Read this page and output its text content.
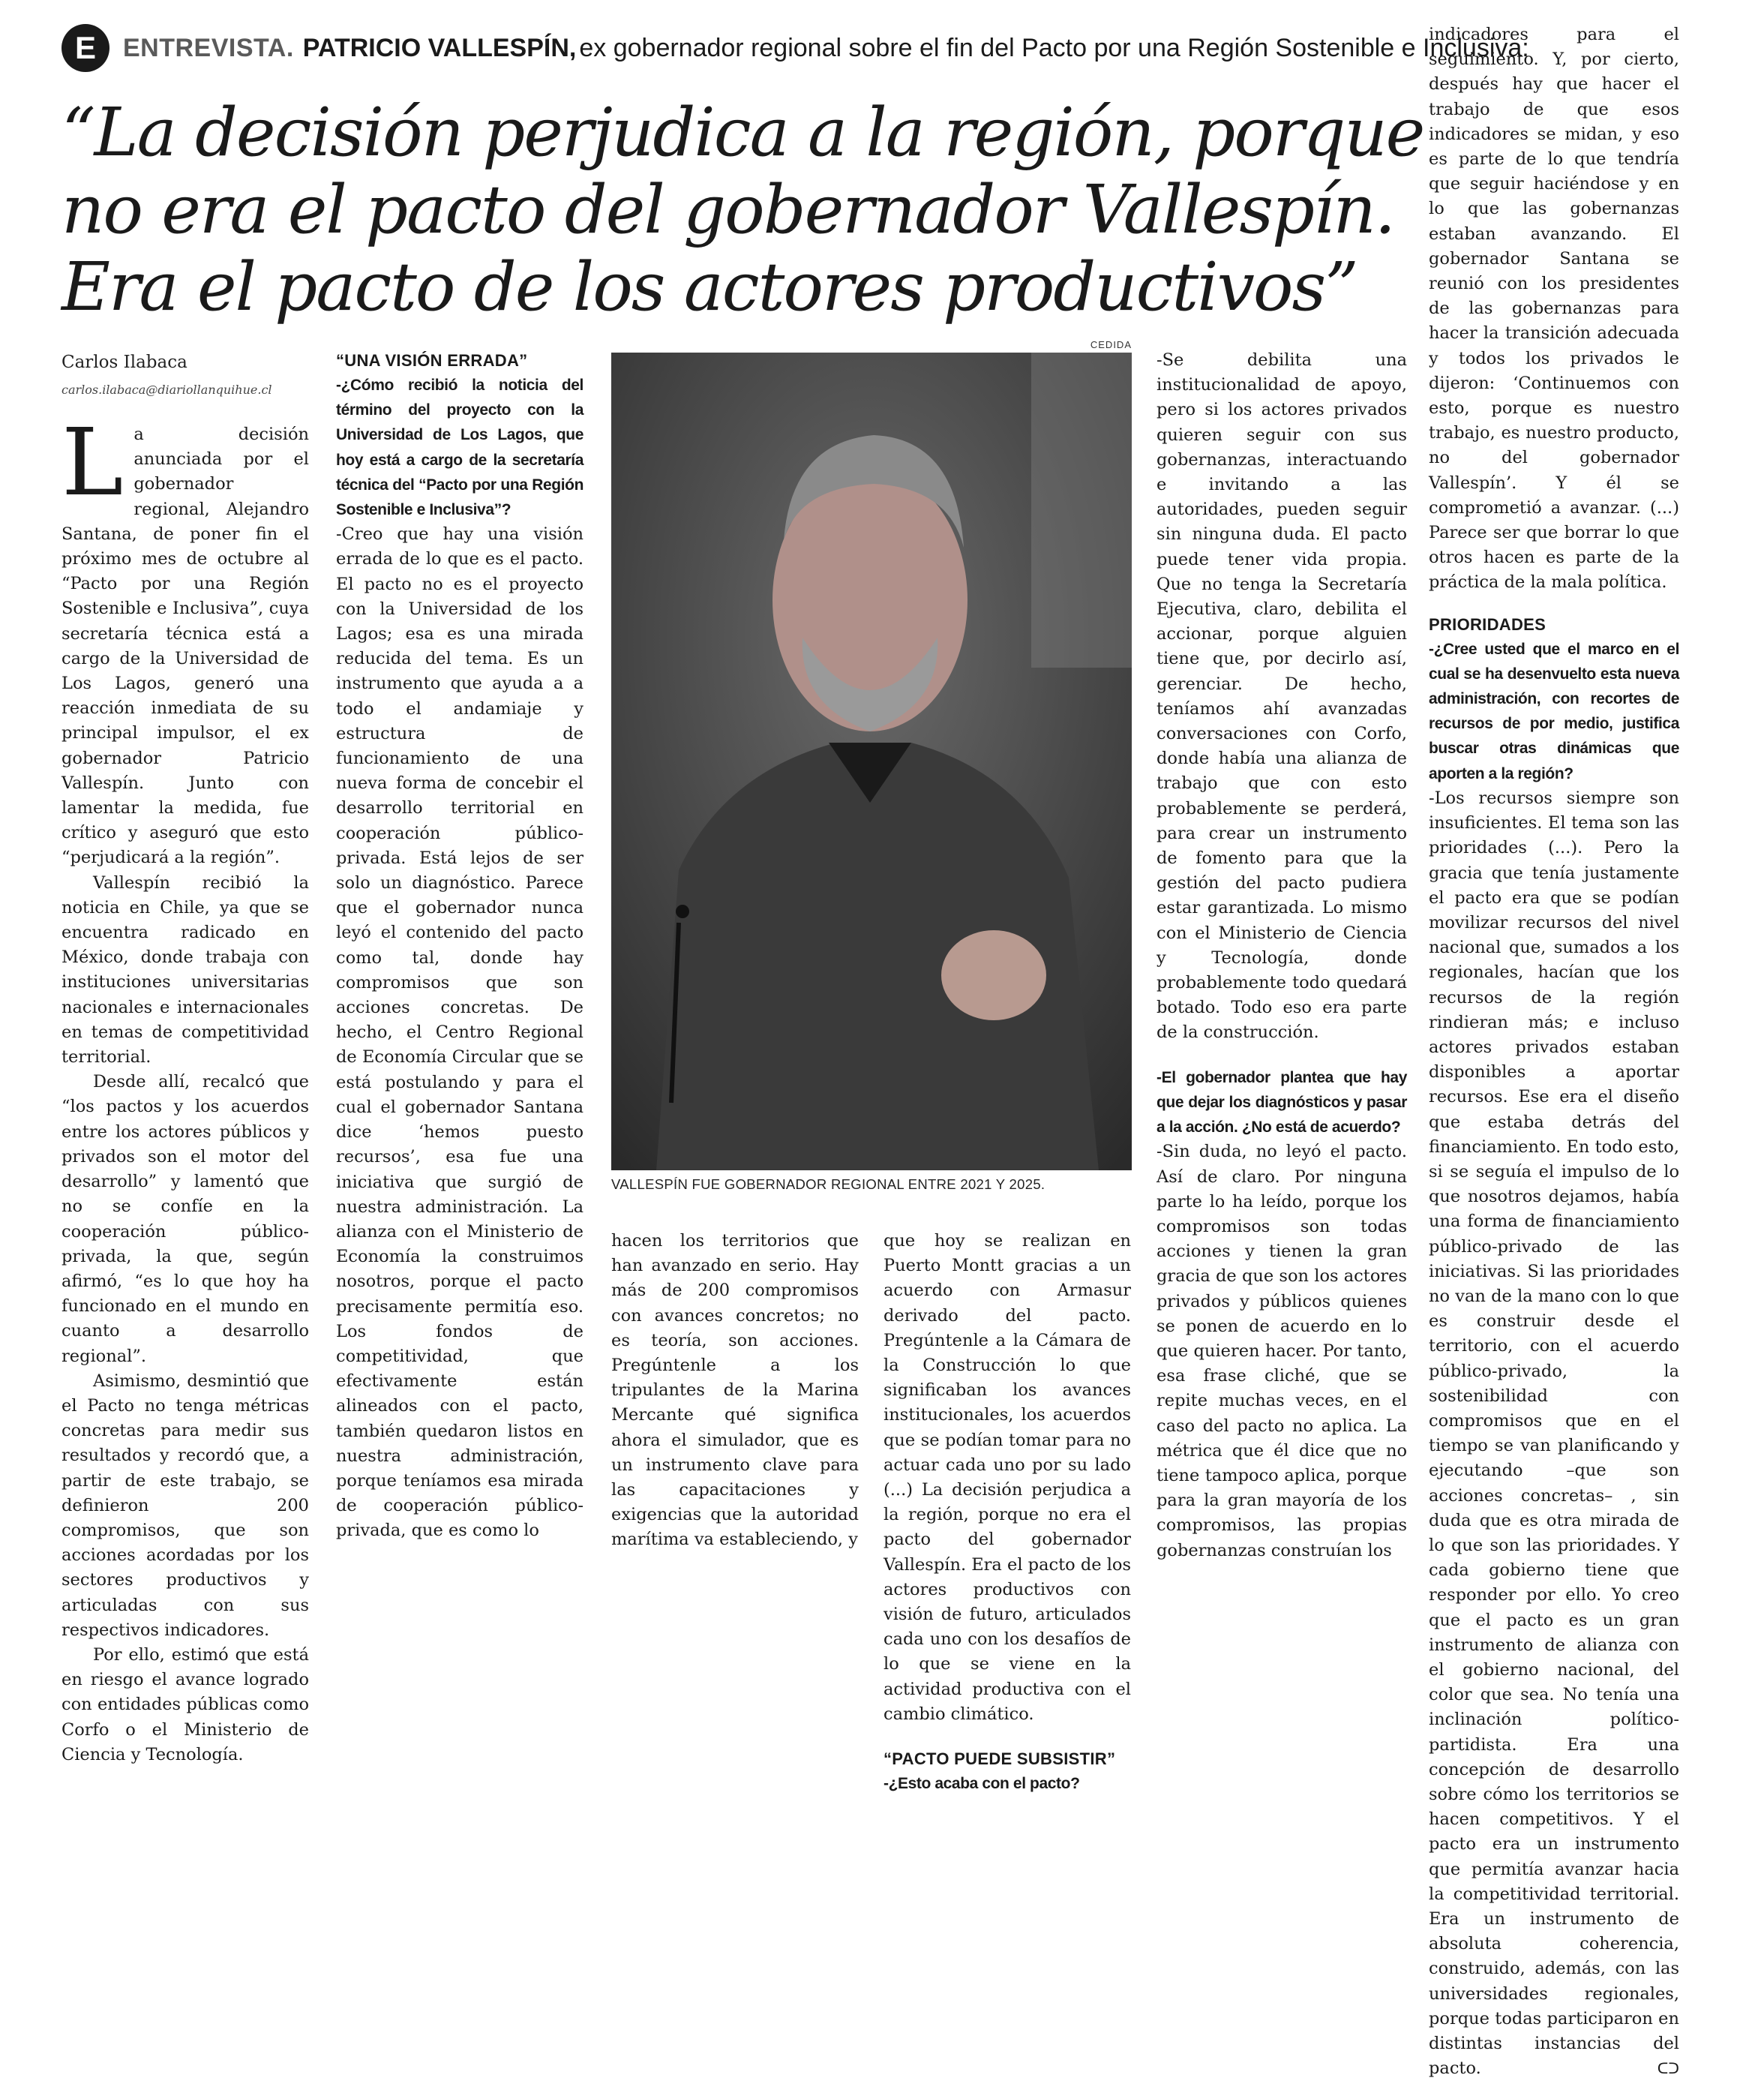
E	ENTREVISTA. PATRICIO VALLESPÍN, ex gobernador regional sobre el fin del Pacto por una Región Sostenible e Inclusiva:
“La decisión perjudica a la región, porque
no era el pacto del gobernador Vallespín.
Era el pacto de los actores productivos”

Carlos Ilabaca

carlos.ilabaca@diariollanquihue.cl

La decisión anunciada por el gobernador regional, Alejandro Santana, de poner fin el próximo mes de octubre al “Pacto por una Región Sostenible e Inclusiva”, cuya secretaría técnica está a cargo de la Universidad de Los Lagos, generó una reacción inmediata de su principal impulsor, el ex gobernador Patricio Vallespín. Junto con lamentar la medida, fue crítico y aseguró que esto “perjudicará a la región”.

Vallespín recibió la noticia en Chile, ya que se encuentra radicado en México, donde trabaja con instituciones universitarias nacionales e internacionales en temas de competitividad territorial.

Desde allí, recalcó que “los pactos y los acuerdos entre los actores públicos y privados son el motor del desarrollo” y lamentó que no se confíe en la cooperación público-privada, la que, según afirmó, “es lo que hoy ha funcionado en el mundo en cuanto a desarrollo regional”.

Asimismo, desmintió que el Pacto no tenga métricas concretas para medir sus resultados y recordó que, a partir de este trabajo, se definieron 200 compromisos, que son acciones acordadas por los sectores productivos y articuladas con sus respectivos indicadores.

Por ello, estimó que está en riesgo el avance logrado con entidades públicas como Corfo o el Ministerio de Ciencia y Tecnología.

“UNA VISIÓN ERRADA”

-¿Cómo recibió la noticia del término del proyecto con la Universidad de Los Lagos, que hoy está a cargo de la secretaría técnica del “Pacto por una Región Sostenible e Inclusiva”?

-Creo que hay una visión errada de lo que es el pacto. El pacto no es el proyecto con la Universidad de los Lagos; esa es una mirada reducida del tema. Es un instrumento que ayuda a a todo el andamiaje y estructura de funcionamiento de una nueva forma de concebir el desarrollo territorial en cooperación público-privada. Está lejos de ser solo un diagnóstico. Parece que el gobernador nunca leyó el contenido del pacto como tal, donde hay compromisos que son acciones concretas. De hecho, el Centro Regional de Economía Circular que se está postulando y para el cual el gobernador Santana dice ‘hemos puesto recursos’, esa fue una iniciativa que surgió de nuestra administración. La alianza con el Ministerio de Economía la construimos nosotros, porque el pacto precisamente permitía eso. Los fondos de competitividad, que efectivamente están alineados con el pacto, también quedaron listos en nuestra administración, porque teníamos esa mirada de cooperación público-privada, que es como lo

CEDIDA
VALLESPÍN FUE GOBERNADOR REGIONAL ENTRE 2021 Y 2025.

hacen los territorios que han avanzado en serio. Hay más de 200 compromisos con avances concretos; no es teoría, son acciones. Pregúntenle a los tripulantes de la Marina Mercante qué significa ahora el simulador, que es un instrumento clave para las capacitaciones y exigencias que la autoridad marítima va estableciendo, y

que hoy se realizan en Puerto Montt gracias a un acuerdo con Armasur derivado del pacto. Pregúntenle a la Cámara de la Construcción lo que significaban los avances institucionales, los acuerdos que se podían tomar para no actuar cada uno por su lado (...) La decisión perjudica a la región, porque no era el pacto del gobernador Vallespín. Era el pacto de los actores productivos con visión de futuro, articulados cada uno con los desafíos de lo que se viene en la actividad productiva con el cambio climático.

“PACTO PUEDE SUBSISTIR”

-¿Esto acaba con el pacto?

-Se debilita una institucionalidad de apoyo, pero si los actores privados quieren seguir con sus gobernanzas, interactuando e invitando a las autoridades, pueden seguir sin ninguna duda. El pacto puede tener vida propia. Que no tenga la Secretaría Ejecutiva, claro, debilita el accionar, porque alguien tiene que, por decirlo así, gerenciar. De hecho, teníamos ahí avanzadas conversaciones con Corfo, donde había una alianza de trabajo que con esto probablemente se perderá, para crear un instrumento de fomento para que la gestión del pacto pudiera estar garantizada. Lo mismo con el Ministerio de Ciencia y Tecnología, donde probablemente todo quedará botado. Todo eso era parte de la construcción.

-El gobernador plantea que hay que dejar los diagnósticos y pasar a la acción. ¿No está de acuerdo?

-Sin duda, no leyó el pacto. Así de claro. Por ninguna parte lo ha leído, porque los compromisos son todas acciones y tienen la gran gracia de que son los actores privados y públicos quienes se ponen de acuerdo en lo que quieren hacer. Por tanto, esa frase cliché, que se repite muchas veces, en el caso del pacto no aplica. La métrica que él dice que no tiene tampoco aplica, porque para la gran mayoría de los compromisos, las propias gobernanzas construían los

indicadores para el seguimiento. Y, por cierto, después hay que hacer el trabajo de que esos indicadores se midan, y eso es parte de lo que tendría que seguir haciéndose y en lo que las gobernanzas estaban avanzando. El gobernador Santana se reunió con los presidentes de las gobernanzas para hacer la transición adecuada y todos los privados le dijeron: ‘Continuemos con esto, porque es nuestro trabajo, es nuestro producto, no del gobernador Vallespín’. Y él se comprometió a avanzar. (...) Parece ser que borrar lo que otros hacen es parte de la práctica de la mala política.

PRIORIDADES

-¿Cree usted que el marco en el cual se ha desenvuelto esta nueva administración, con recortes de recursos de por medio, justifica buscar otras dinámicas que aporten a la región?

-Los recursos siempre son insuficientes. El tema son las prioridades (...). Pero la gracia que tenía justamente el pacto era que se podían movilizar recursos del nivel nacional que, sumados a los regionales, hacían que los recursos de la región rindieran más; e incluso actores privados estaban disponibles a aportar recursos. Ese era el diseño que estaba detrás del financiamiento. En todo esto, si se seguía el impulso de lo que nosotros dejamos, había una forma de financiamiento público-privado de las iniciativas. Si las prioridades no van de la mano con lo que es construir desde el territorio, con el acuerdo público-privado, la sostenibilidad con compromisos que en el tiempo se van planificando y ejecutando –que son acciones concretas– , sin duda que es otra mirada de lo que son las prioridades. Y cada gobierno tiene que responder por ello. Yo creo que el pacto es un gran instrumento de alianza con el gobierno nacional, del color que sea. No tenía una inclinación político-partidista. Era una concepción de desarrollo sobre cómo los territorios se hacen competitivos. Y el pacto era un instrumento que permitía avanzar hacia la competitividad territorial. Era un instrumento de absoluta coherencia, construido, además, con las universidades regionales, porque todas participaron en distintas instancias del pacto.	ᑕᑐ
